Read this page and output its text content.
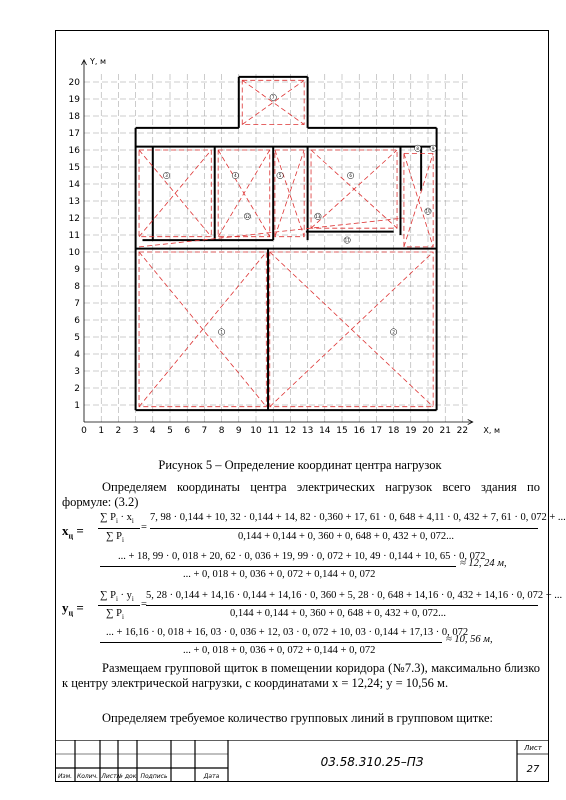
0 1 2 3 4 5 6 7 8 9 10 11 12 13 14 15 16 17 18 19 20 21 22
1
2
3
4
5
6
7
8
9
10
11
12
13
14
15
16
17
18
19
20
X, м
Y, м
1	2
3	4	5	6
7
8	9
10
11
12	13
Рисунок 5 – Определение координат центра нагрузок
Определяем координаты центра электрических нагрузок всего здания по формуле: (3.2)
$x_ц$ =
∑ $P_i \cdot x_i$
∑ $P_i$
=
7, 98 · 0,144 + 10, 32 · 0,144 + 14, 82 · 0,360 + 17, 61 · 0, 648 + 4,11 · 0, 432 + 7, 61 · 0, 072 + ...
0,144 + 0,144 + 0, 360 + 0, 648 + 0, 432 + 0, 072...
... + 18, 99 · 0, 018 + 20, 62 · 0, 036 + 19, 99 · 0, 072 + 10, 49 · 0,144 + 10, 65 · 0, 072
... + 0, 018 + 0, 036 + 0, 072 + 0,144 + 0, 072
≈ 12, 24 м,
$y_ц$ =
∑ $P_i \cdot y_i$
∑ $P_i$
=
5, 28 · 0,144 + 14,16 · 0,144 + 14,16 · 0, 360 + 5, 28 · 0, 648 + 14,16 · 0, 432 + 14,16 · 0, 072 + ...
0,144 + 0,144 + 0, 360 + 0, 648 + 0, 432 + 0, 072...
... + 16,16 · 0, 018 + 16, 03 · 0, 036 + 12, 03 · 0, 072 + 10, 03 · 0,144 + 17,13 · 0, 072
... + 0, 018 + 0, 036 + 0, 072 + 0,144 + 0, 072
≈ 10, 56 м,
Размещаем групповой щиток в помещении коридора (№7.3), максимально близко к центру электрической нагрузки, с координатами x = 12,24; y = 10,56 м.
Определяем требуемое количество групповых линий в групповом щитке:
Изм. Колич. Лист № док. Подпись	Дата
03.58.310.25–ПЗ
Лист
27
